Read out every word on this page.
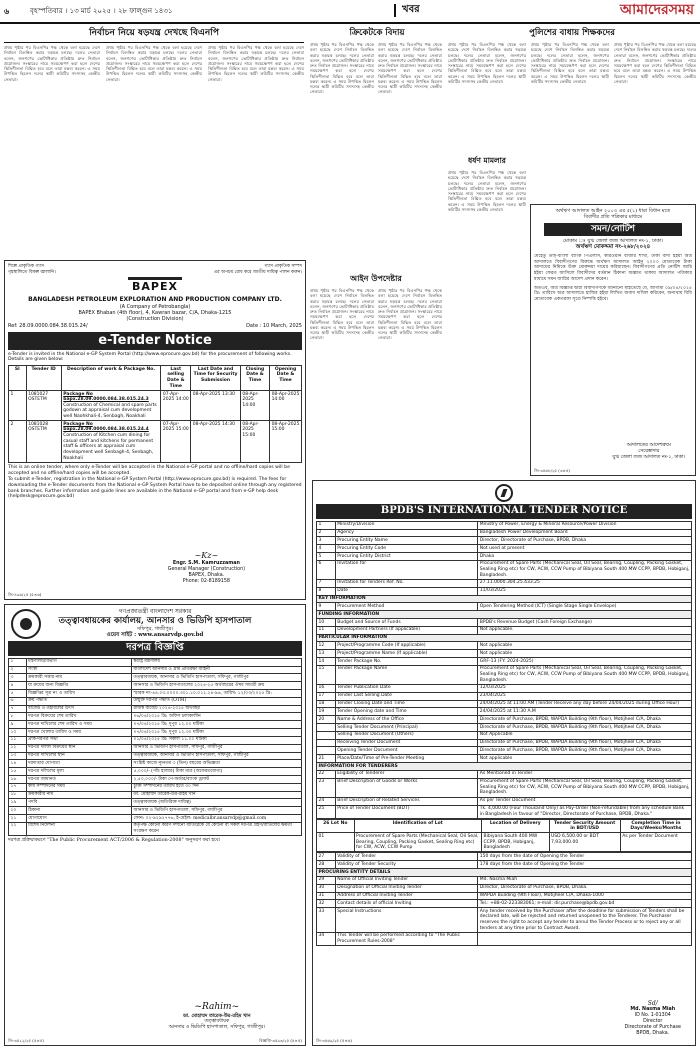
৬	বৃহস্পতিবার । ১৩ মার্চ ২০২৫ । ২৮ ফাল্গুন ১৪৩১	খবর	আমাদেরসময়
নির্বাচন নিয়ে ষড়যন্ত্র দেখছে বিএনপি
প্রথম পৃষ্ঠার পর বিএনপির পক্ষ থেকে বলা হয়েছে দেশে নির্বাচন বিলম্বিত করার ষড়যন্ত্র চলছে। দলের নেতারা বলেন, জনগণের ভোটাধিকার প্রতিষ্ঠায় দ্রুত নির্বাচন প্রয়োজন। সংস্কারের নামে সময়ক্ষেপণ করা হলে দেশের স্থিতিশীলতা বিঘ্নিত হবে বলে তারা মন্তব্য করেন। এ সময় উপস্থিত ছিলেন দলের স্থায়ী কমিটির সদস্যসহ কেন্দ্রীয় নেতারা।
প্রথম পৃষ্ঠার পর বিএনপির পক্ষ থেকে বলা হয়েছে দেশে নির্বাচন বিলম্বিত করার ষড়যন্ত্র চলছে। দলের নেতারা বলেন, জনগণের ভোটাধিকার প্রতিষ্ঠায় দ্রুত নির্বাচন প্রয়োজন। সংস্কারের নামে সময়ক্ষেপণ করা হলে দেশের স্থিতিশীলতা বিঘ্নিত হবে বলে তারা মন্তব্য করেন। এ সময় উপস্থিত ছিলেন দলের স্থায়ী কমিটির সদস্যসহ কেন্দ্রীয় নেতারা।
প্রথম পৃষ্ঠার পর বিএনপির পক্ষ থেকে বলা হয়েছে দেশে নির্বাচন বিলম্বিত করার ষড়যন্ত্র চলছে। দলের নেতারা বলেন, জনগণের ভোটাধিকার প্রতিষ্ঠায় দ্রুত নির্বাচন প্রয়োজন। সংস্কারের নামে সময়ক্ষেপণ করা হলে দেশের স্থিতিশীলতা বিঘ্নিত হবে বলে তারা মন্তব্য করেন। এ সময় উপস্থিত ছিলেন দলের স্থায়ী কমিটির সদস্যসহ কেন্দ্রীয় নেতারা।
ক্রিকেটকে বিদায়
প্রথম পৃষ্ঠার পর বিএনপির পক্ষ থেকে বলা হয়েছে দেশে নির্বাচন বিলম্বিত করার ষড়যন্ত্র চলছে। দলের নেতারা বলেন, জনগণের ভোটাধিকার প্রতিষ্ঠায় দ্রুত নির্বাচন প্রয়োজন। সংস্কারের নামে সময়ক্ষেপণ করা হলে দেশের স্থিতিশীলতা বিঘ্নিত হবে বলে তারা মন্তব্য করেন। এ সময় উপস্থিত ছিলেন দলের স্থায়ী কমিটির সদস্যসহ কেন্দ্রীয় নেতারা।
প্রথম পৃষ্ঠার পর বিএনপির পক্ষ থেকে বলা হয়েছে দেশে নির্বাচন বিলম্বিত করার ষড়যন্ত্র চলছে। দলের নেতারা বলেন, জনগণের ভোটাধিকার প্রতিষ্ঠায় দ্রুত নির্বাচন প্রয়োজন। সংস্কারের নামে সময়ক্ষেপণ করা হলে দেশের স্থিতিশীলতা বিঘ্নিত হবে বলে তারা মন্তব্য করেন। এ সময় উপস্থিত ছিলেন দলের স্থায়ী কমিটির সদস্যসহ কেন্দ্রীয় নেতারা।
পুলিশের বাধায় শিক্ষকদের
প্রথম পৃষ্ঠার পর বিএনপির পক্ষ থেকে বলা হয়েছে দেশে নির্বাচন বিলম্বিত করার ষড়যন্ত্র চলছে। দলের নেতারা বলেন, জনগণের ভোটাধিকার প্রতিষ্ঠায় দ্রুত নির্বাচন প্রয়োজন। সংস্কারের নামে সময়ক্ষেপণ করা হলে দেশের স্থিতিশীলতা বিঘ্নিত হবে বলে তারা মন্তব্য করেন। এ সময় উপস্থিত ছিলেন দলের স্থায়ী কমিটির সদস্যসহ কেন্দ্রীয় নেতারা।
প্রথম পৃষ্ঠার পর বিএনপির পক্ষ থেকে বলা হয়েছে দেশে নির্বাচন বিলম্বিত করার ষড়যন্ত্র চলছে। দলের নেতারা বলেন, জনগণের ভোটাধিকার প্রতিষ্ঠায় দ্রুত নির্বাচন প্রয়োজন। সংস্কারের নামে সময়ক্ষেপণ করা হলে দেশের স্থিতিশীলতা বিঘ্নিত হবে বলে তারা মন্তব্য করেন। এ সময় উপস্থিত ছিলেন দলের স্থায়ী কমিটির সদস্যসহ কেন্দ্রীয় নেতারা।
প্রথম পৃষ্ঠার পর বিএনপির পক্ষ থেকে বলা হয়েছে দেশে নির্বাচন বিলম্বিত করার ষড়যন্ত্র চলছে। দলের নেতারা বলেন, জনগণের ভোটাধিকার প্রতিষ্ঠায় দ্রুত নির্বাচন প্রয়োজন। সংস্কারের নামে সময়ক্ষেপণ করা হলে দেশের স্থিতিশীলতা বিঘ্নিত হবে বলে তারা মন্তব্য করেন। এ সময় উপস্থিত ছিলেন দলের স্থায়ী কমিটির সদস্যসহ কেন্দ্রীয় নেতারা।
ধর্ষণ মামলার
আইন উপদেষ্টার
প্রথম পৃষ্ঠার পর বিএনপির পক্ষ থেকে বলা হয়েছে দেশে নির্বাচন বিলম্বিত করার ষড়যন্ত্র চলছে। দলের নেতারা বলেন, জনগণের ভোটাধিকার প্রতিষ্ঠায় দ্রুত নির্বাচন প্রয়োজন। সংস্কারের নামে সময়ক্ষেপণ করা হলে দেশের স্থিতিশীলতা বিঘ্নিত হবে বলে তারা মন্তব্য করেন। এ সময় উপস্থিত ছিলেন দলের স্থায়ী কমিটির সদস্যসহ কেন্দ্রীয় নেতারা।
প্রথম পৃষ্ঠার পর বিএনপির পক্ষ থেকে বলা হয়েছে দেশে নির্বাচন বিলম্বিত করার ষড়যন্ত্র চলছে। দলের নেতারা বলেন, জনগণের ভোটাধিকার প্রতিষ্ঠায় দ্রুত নির্বাচন প্রয়োজন। সংস্কারের নামে সময়ক্ষেপণ করা হলে দেশের স্থিতিশীলতা বিঘ্নিত হবে বলে তারা মন্তব্য করেন। এ সময় উপস্থিত ছিলেন দলের স্থায়ী কমিটির সদস্যসহ কেন্দ্রীয় নেতারা।
প্রথম পৃষ্ঠার পর বিএনপির পক্ষ থেকে বলা হয়েছে দেশে নির্বাচন বিলম্বিত করার ষড়যন্ত্র চলছে। দলের নেতারা বলেন, জনগণের ভোটাধিকার প্রতিষ্ঠায় দ্রুত নির্বাচন প্রয়োজন। সংস্কারের নামে সময়ক্ষেপণ করা হলে দেশের স্থিতিশীলতা বিঘ্নিত হবে বলে তারা মন্তব্য করেন। এ সময় উপস্থিত ছিলেন দলের স্থায়ী কমিটির সদস্যসহ কেন্দ্রীয় নেতারা।
শিল্পে প্রাকৃতিক গ্যাস
গৃহস্থালিতে বিকল্প জ্বালানি।
গ্যাস প্রাকৃতিক সম্পদ
এর অপচয় রোধ করে জাতীয় দায়িত্ব পালন করুন।
BAPEX
BANGLADESH PETROLEUM EXPLORATION AND PRODUCTION COMPANY LTD.
(A Company of Petrobangla)
BAPEX Bhaban (4th floor), 4, Kawran bazar, C/A, Dhaka-1215
(Construction Division)
Ref: 28.09.0000.084.38.015.24/	Date : 10 March, 2025
e-Tender Notice
e-Tender is invited in the National e-GP System Portal (http://www.eprocure.gov.bd) for the procurement of following works. Details are given below:
Sl	Tender ID	Description of work & Package No.	Last selling Date & Time	Last Date and Time for Security Submission	Closing Date & Time	Opening Date & Time
1	1081027 OSTETM	Package No bapx.28.09.0000.084.38.015.24.3
Construction of Chemical and spare parts godown at appraisal cum development well Naohkhali-4, Senbagh, Noakhali	07-Apr-2025 14:00	08-Apr-2025 13:30	08-Apr-2025 14:00	08-Apr-2025 14:00
2	1081028 OSTETM	Package No bapx.28.09.0000.084.38.015.24.4
Construction of Kitchen cum dining for casual staff and kitchens for permanent staff & officers at appraisal cum development well Senbagh-4, Senbagh, Noakhali	07-Apr-2025 15:00	08-Apr-2025 14:30	08-Apr-2025 15:00	08-Apr-2025 15:00
This is an online tender, where only e-Tender will be accepted in the National e-GP portal and no offline/hard copies will be accepted and no offline/hard copies will be accepted.
To submit e-Tender, registration in the National e-GP System Portal (http://www.eprocure.gov.bd) is required. The fees for downloading the e-Tender documents from the National e-GP System Portal have to be deposited online through any registered bank branches. Further information and guide lines are available in the National e-GP portal and from e-GP help desk (helpdesk@eprocure.gov.bd)
~Kz~
Engr. S.M. Kamruzzaman
General Manager (Construction)
BAPEX, Dhaka.
Phone: 02-8189158
জি-৪৯৬/২৫ (৫×৬)
গণপ্রজাতন্ত্রী বাংলাদেশ সরকার
তত্ত্বাবধায়কের কার্যালয়, আনসার ও ভিডিপি হাসপাতাল
সফিপুর, গাজীপুর।
ওয়েব সাইট : www.ansarvdp.gov.bd
দরপত্র বিজ্ঞপ্তি
১	মন্ত্রণালয়/বিভাগ	স্বরাষ্ট্র মন্ত্রণালয়
২	সংস্থা	বাংলাদেশ আনসার ও গ্রাম প্রতিরক্ষা বাহিনী
৩	ক্রয়কারী সত্তার নাম	তত্ত্বাবধায়ক, আনসার ও ভিডিপি হাসপাতাল, সফিপুর, গাজীপুর
৪	যা ক্রয়ের জন্য বিজ্ঞপ্তি	আনসার ও ভিডিপি হাসপাতালের ২০২৪-২৫ অর্থবছরের ঔষধ সামগ্রী ক্রয়
৫	বিজ্ঞপ্তির সূত্র নং ও তারিখ	স্মারক নং-৪৪.০৩.০০০০.৩০১.১০.০১২.২৪-৯৬, তারিখ: ১২/০৩/২০২৫ খ্রি:
৬	ক্রয় পদ্ধতি	উন্মুক্ত দরপত্র পদ্ধতি (OTM)
৭	বাজেট ও তহবিলের উৎস	রাজস্ব বাজেট ২০২৪-২০২৫ অর্থবছর
৮	দরপত্র বিক্রয়ের শেষ তারিখ	০৬/০৪/২০২৫ খ্রি: অফিস চলাকালীন
৯	দরপত্র দাখিলের শেষ তারিখ ও সময়	০৭/০৪/২০২৫ খ্রি: দুপুর ১২.০০ ঘটিকা
১০	দরপত্র খোলার তারিখ ও সময়	০৭/০৪/২০২৫ খ্রি: দুপুর ১২.৩০ ঘটিকা
১১	প্রাক-দরপত্র সভা	০১/০৪/২০২৫ খ্রি: সকাল ১১.০০ ঘটিকা
১২	দরপত্র দলিল বিক্রয়ের স্থান	আনসার ও ভিডিপি হাসপাতাল, সফিপুর, গাজীপুর
১৩	দরপত্র দাখিলের স্থান	তত্ত্বাবধায়ক, আনসার ও ভিডিপি হাসপাতাল, সফিপুর, গাজীপুর
১৪	দরদাতার যোগ্যতা	সংশ্লিষ্ট কাজে ন্যূনতম ৩ (তিন) বছরের অভিজ্ঞতা
১৫	দরপত্র দলিলের মূল্য	৫,০০০/- (পাঁচ হাজার) টাকা মাত্র (অফেরতযোগ্য)
১৬	দরপত্র জামানত	২,৫০,০০০/- টাকা পে-অর্ডার/ব্যাংক ড্রাফট
১৭	কার্য সম্পাদনের সময়	চুক্তি সম্পাদনের তারিখ হতে ৩০ দিন
১৮	ক্রয়কারীর নাম	ডা. মোহাম্মদ তারেক-উর-রহিম খান
১৯	পদবি	তত্ত্বাবধায়ক (অতিরিক্ত দায়িত্ব)
২০	ঠিকানা	আনসার ও ভিডিপি হাসপাতাল, সফিপুর, গাজীপুর
২১	যোগাযোগ	ফোন: ০২-৯২৯২৭৭৬, ই-মেইল: medicalbr.ansarvdp@gmail.com
২২	বিশেষ নির্দেশনা	কর্তৃপক্ষ কোনো কারণ দর্শানো ব্যতিরেকে যে কোনো বা সকল দরপত্র গ্রহণ/বাতিলের ক্ষমতা সংরক্ষণ করেন
দরপত্র প্রক্রিয়াকরণে "The Public Procurement ACT/2006 & Regulation-2008" অনুসরণ করা হবে।
~Rahim~
ডা. মোহাম্মদ তারেক-উর-রহিম খান
তত্ত্বাবধায়ক
আনসার ও ভিডিপি হাসপাতাল, সফিপুর, গাজীপুর।
জি-৩৫২২/২৫ (৫×৫)	বিজ্ঞপ্তি-৩৫৯৩/২৫ (৫×৫)
অর্থঋণ আদালত আইন ২০০৩ এর ৫(১) ধারা বিধান মতে
বিবাদীর প্রতি পত্রিকার মাধ্যমে
সমন/নোটিশ
মোকাম ঃ যুগ্ম জেলা জজ আদালত নং-১, ঢাকা।
অর্থঋণ মোকদ্দমা নং-২৬৮/২০২৪
যেহেতু ডাচ্-বাংলা ব্যাংক পিএলসি, কারওয়ান বাজার শাখা, ঢাকা বাদী হইয়া অত্র আদালতে বিবাদীগণের বিরুদ্ধে অর্থঋণ আদালত আইন ২০০৩ মোতাবেক টাকা আদায়ের নিমিত্তে উক্ত মোকদ্দমা দায়ের করিয়াছেন। বিবাদীগণের প্রতি নোটিশ জারি হইয়া ফেরত আসিলে বিবাদীদের বর্তমান ঠিকানা অজ্ঞাত থাকায় আদালত পত্রিকার মাধ্যমে সমন জারির আদেশ প্রদান করেন।
অতএব, অত্র বিজ্ঞপ্তি দ্বারা বিবাদীগণকে জানানো যাইতেছে যে, আগামী ০৯/০৪/২০২৫ খ্রি: তারিখে অত্র আদালতে হাজির হইয়া লিখিত জবাব দাখিল করিবেন, অন্যথায় বিধি মোতাবেক একতরফা সূত্রে নিষ্পত্তি হইবে।
আদালতের আদেশক্রমে
সেরেস্তাদার
যুগ্ম জেলা জজ আদালত নং-১, ঢাকা।
জি-৩৫৬৮/২৫ (৩×৫)
BPDB'S INTERNATIONAL TENDER NOTICE
1	Ministry/Division	Ministry of Power, Energy & Mineral Resource/Power Division
2	Agency	Bangladesh Power Development Board
3	Procuring Entity Name	Director, Directorate of Purchase, BPDB, Dhaka
4	Procuring Entity Code	Not used at present
5	Procuring Entity District	Dhaka
6	Invitation for	Procurement of Spare Parts (Mechanical Seal, Oil Seal, Bearing, Coupling, Packing Gasket, Sealing Ring etc) for CW, ACW, CCW Pump of Bibiyana South 400 MW CCPP, BPDB, Hobiganj, Bangladesh.
7	Invitation for Tenders Ref. No.	27.11.0000.304.25.433.25
8	Date	11/03/2025
KEY INFORMATION		
9	Procurement Method	Open Tendering Method (ICT) (Single Stage Single Envelope)
FUNDING INFORMATION		
10	Budget and Source of Funds	BPDB's Revenue Budget (Cash Foreign Exchange)
11	Development Partners (If applicable)	Not applicable.
PARTICULAR INFORMATION		
12	Project/Programme Code (If applicable)	Not applicable
13	Project/Programme Name (If applicable)	Not applicable
14	Tender Package No.	GRF-13 (FY: 2024-2025)
15	Tender Package Name	Procurement of Spare Parts (Mechanical Seal, Oil Seal, Bearing, Coupling, Packing Gasket, Sealing Ring etc) for CW, ACW, CCW Pump of Bibiyana South 400 MW CCPP, BPDB, Hobiganj, Bangladesh.
16	Tender Publication Date	12/03/2025
17	Tender Last Selling Date	23/04/2025
18	Tender Closing Date and Time	24/04/2025 at 11:00 AM (Tender Receive any day before 24/04/2025 during Office Hour)
19	Tender Opening date and Time	24/04/2025 at 11:30 A.M
20	Name & Address of the Office	Directorate of Purchase, BPDB, WAPDA Building (9th floor), Motijheel C/A, Dhaka
	Selling Tender Document (Principal)	Directorate of Purchase, BPDB, WAPDA Building (9th floor), Motijheel C/A, Dhaka
	Selling Tender Document (Others)	Not Applicable
	Receiving Tender Document	Directorate of Purchase, BPDB, WAPDA Building (9th floor), Motijheel C/A, Dhaka
	Opening Tender Document	Directorate of Purchase, BPDB, WAPDA Building (9th floor), Motijheel C/A, Dhaka
21	Place/Date/Time of Pre-Tender Meeting	Not applicable
INFORMATION FOR TENDERERS		
22	Eligibility of Tenderer	As Mentioned in Tender
23	Brief Description of Goods or Works	Procurement of Spare Parts (Mechanical Seal, Oil Seal, Bearing, Coupling, Packing Gasket, Sealing Ring etc) for CW, ACW, CCW Pump of Bibiyana South 400 MW CCPP, BPDB, Hobiganj, Bangladesh.
24	Brief Description of Related Services	As per Tender Document
25	Price of Tender Document (BDT)	Tk. 4,000.00 (Four Thousand Only) as Pay-Order (Non-refundable) from any schedule Bank in Bangladesh in favour of "Director, Directorate of Purchase, BPDB, Dhaka."
26 Lot No	Identification of Lot	Location of Delivery	Tender Security Amount in BDT/USD	Completion Time in Days/Weeks/Months
01	Procurement of Spare Parts (Mechanical Seal, Oil Seal, Bearing, Coupling, Packing Gasket, Sealing Ring etc) for CW, ACW, CCW Pump	Bibiyana South 400 MW CCPP, BPDB, Hobiganj, Bangladesh	USD 6,500.00 or BDT 7,93,000.00	As per Tender Document
27	Validity of Tender	150 days from the date of Opening the Tender
28	Validity of Tender Security	178 days from the date of Opening the Tender
PROCURING ENTITY DETAILS		
29	Name of Official Inviting Tender	Md. Nasma Miah
30	Designation of Official Inviting Tender	Director, Directorate of Purchase, BPDB, Dhaka.
31	Address of Official Inviting Tender	WAPDA Building (9th Floor), Motijheel C/A, Dhaka-1000
32	Contact details of official Inviting	Tel.: +88-02-223383061; e-mail: dir.purchase@bpdb.gov.bd
33	Special Instructions	Any tender received by the Purchaser after the deadline for submission of Tenders shall be declared late, will be rejected and returned unopened to the Tenderer. The Purchaser reserves the right to accept any tender to annul the Tender Process or to reject any or all tenders at any time prior to Contract Award.
34	This Tender will be performed according to "The Public Procurement Rules-2008"	
Sd/
Md. Nasma Miah
ID No. 1-01304
Director
Directorate of Purchase
BPDB, Dhaka.
জি-৩৫৬৯/২৫ (৫×৬)
